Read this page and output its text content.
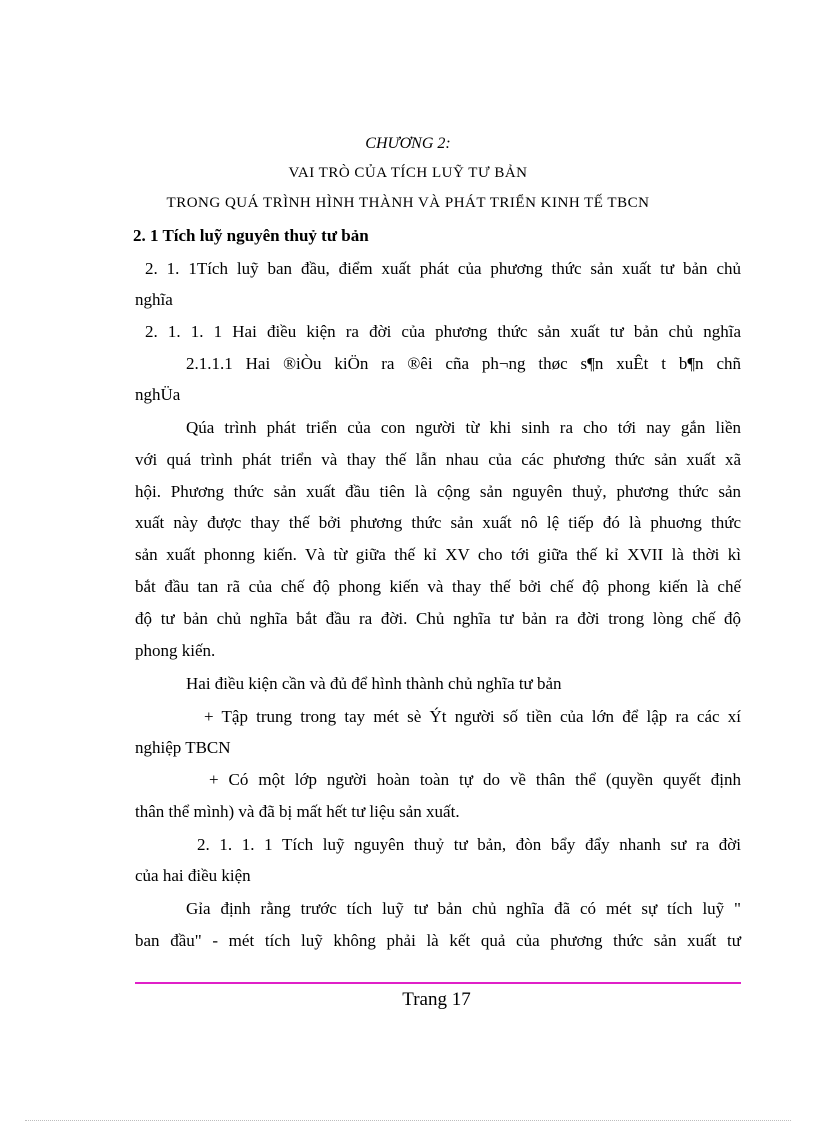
CHƯƠNG 2:
VAI TRÒ CỦA TÍCH LUỸ TƯ BẢN
TRONG QUÁ TRÌNH HÌNH THÀNH VÀ PHÁT TRIỂN KINH TẾ TBCN
2. 1 Tích luỹ nguyên thuỷ tư bản
2. 1. 1Tích luỹ ban đầu, điểm xuất phát của phương thức sản xuất tư bản chủ
nghĩa
2. 1. 1. 1 Hai điều kiện ra đời của phương thức sản xuất tư bản chủ nghĩa
2.1.1.1 Hai ®iÒu kiÖn ra ®êi cña ph¬ng thøc s¶n xuÊt t b¶n chñ
nghÜa
Qúa trình phát triển của con người từ khi sinh ra cho tới nay gắn liền
với quá trình phát triển và thay thế lẫn nhau của các phương thức sản xuất xã
hội. Phương thức sản xuất đầu tiên là cộng sản nguyên thuỷ, phương thức sản
xuất này được thay thế bởi phương thức sản xuất nô lệ tiếp đó là phuơng thức
sản xuất phonng kiến. Và từ giữa thế kỉ XV cho tới giữa thế kỉ XVII là thời kì
bắt đầu tan rã của chế độ phong kiến và thay thế bởi chế độ phong kiến là chế
độ tư bản chủ nghĩa bắt đầu ra đời. Chủ nghĩa tư bản ra đời trong lòng chế độ
phong kiến.
Hai điều kiện cần và đủ để hình thành chủ nghĩa tư bản
+ Tập trung trong tay mét sè Ýt người số tiền của lớn để lập ra các xí
nghiệp TBCN
+ Có một lớp người hoàn toàn tự do về thân thể (quyền quyết định
thân thể mình) và đã bị mất hết tư liệu sản xuất.
2. 1. 1. 1 Tích luỹ nguyên thuỷ tư bản, đòn bẩy đẩy nhanh sư ra đời
của hai điều kiện
Gỉa định rằng trước tích luỹ tư bản chủ nghĩa đã có mét sự tích luỹ "
ban đầu" - mét tích luỹ không phải là kết quả của phương thức sản xuất tư
Trang 17
